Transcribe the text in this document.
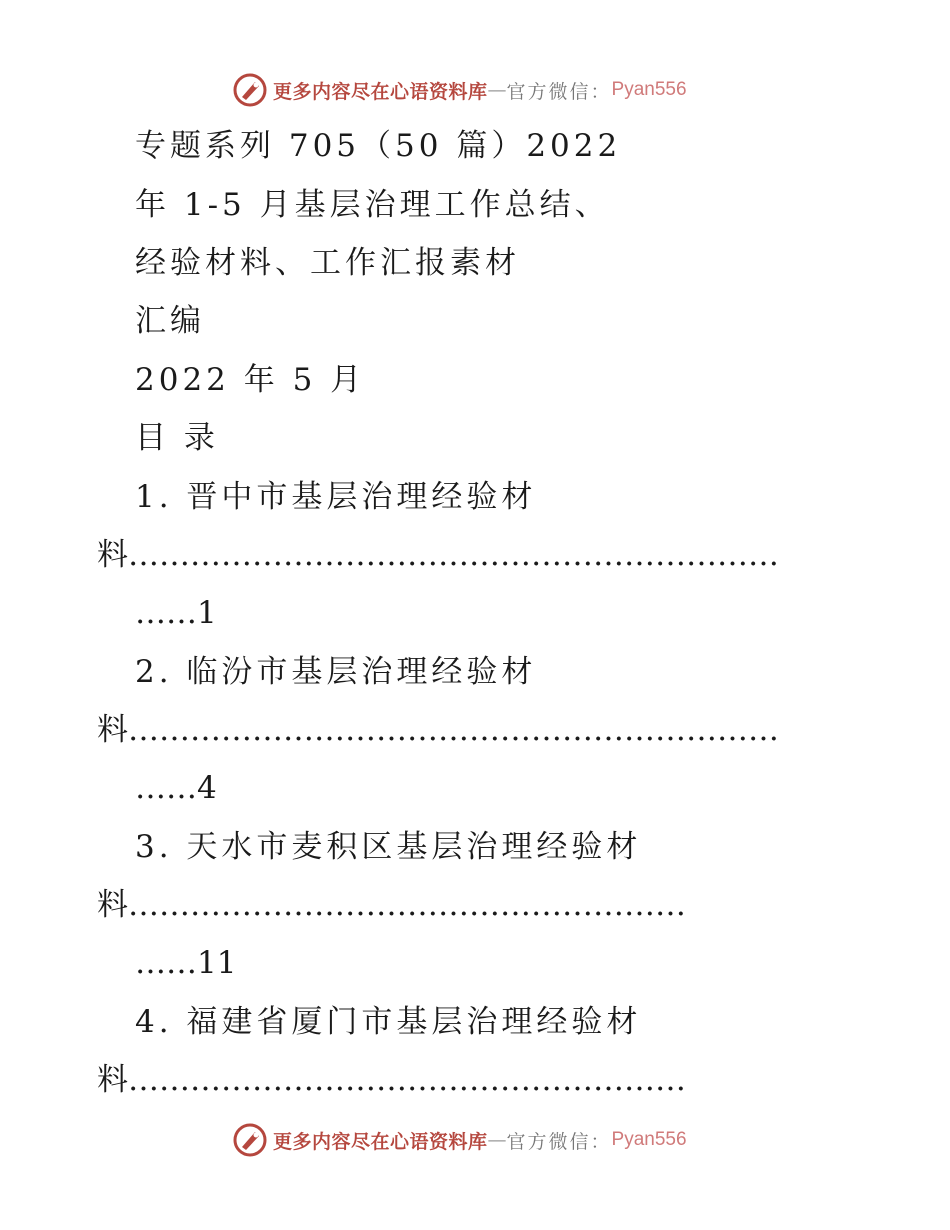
更多内容尽在心语资料库 — 官方微信： Pyan556
专题系列 705（50 篇）2022
年 1-5 月基层治理工作总结、
经验材料、工作汇报素材
汇编
2022 年 5 月
目 录
1. 晋中市基层治理经验材
料………………………………………………………
……1
2. 临汾市基层治理经验材
料………………………………………………………
……4
3. 天水市麦积区基层治理经验材
料………………………………………………
……11
4. 福建省厦门市基层治理经验材
料………………………………………………
更多内容尽在心语资料库 — 官方微信： Pyan556
